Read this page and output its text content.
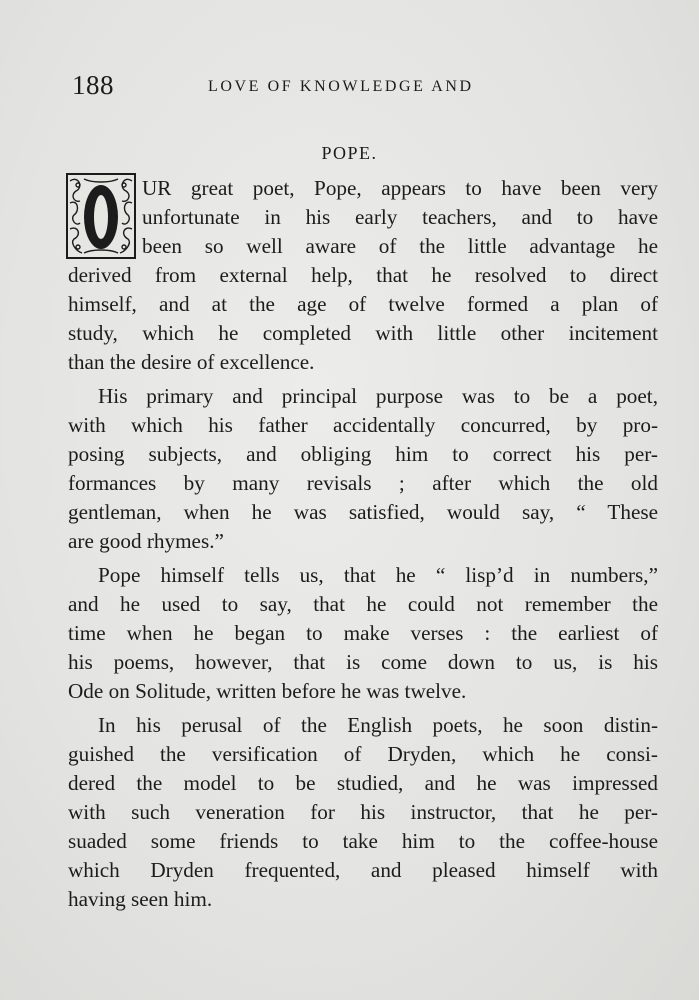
188	LOVE OF KNOWLEDGE AND
POPE.
O
UR great poet, Pope, appears to have been very
unfortunate in his early teachers, and to have
been so well aware of the little advantage he
derived from external help, that he resolved to direct
himself, and at the age of twelve formed a plan of
study, which he completed with little other incitement
than the desire of excellence.
His primary and principal purpose was to be a poet,
with which his father accidentally concurred, by pro-
posing subjects, and obliging him to correct his per-
formances by many revisals ; after which the old
gentleman, when he was satisfied, would say, “ These
are good rhymes.”
Pope himself tells us, that he “ lisp’d in numbers,”
and he used to say, that he could not remember the
time when he began to make verses : the earliest of
his poems, however, that is come down to us, is his
Ode on Solitude, written before he was twelve.
In his perusal of the English poets, he soon distin-
guished the versification of Dryden, which he consi-
dered the model to be studied, and he was impressed
with such veneration for his instructor, that he per-
suaded some friends to take him to the coffee-house
which Dryden frequented, and pleased himself with
having seen him.
